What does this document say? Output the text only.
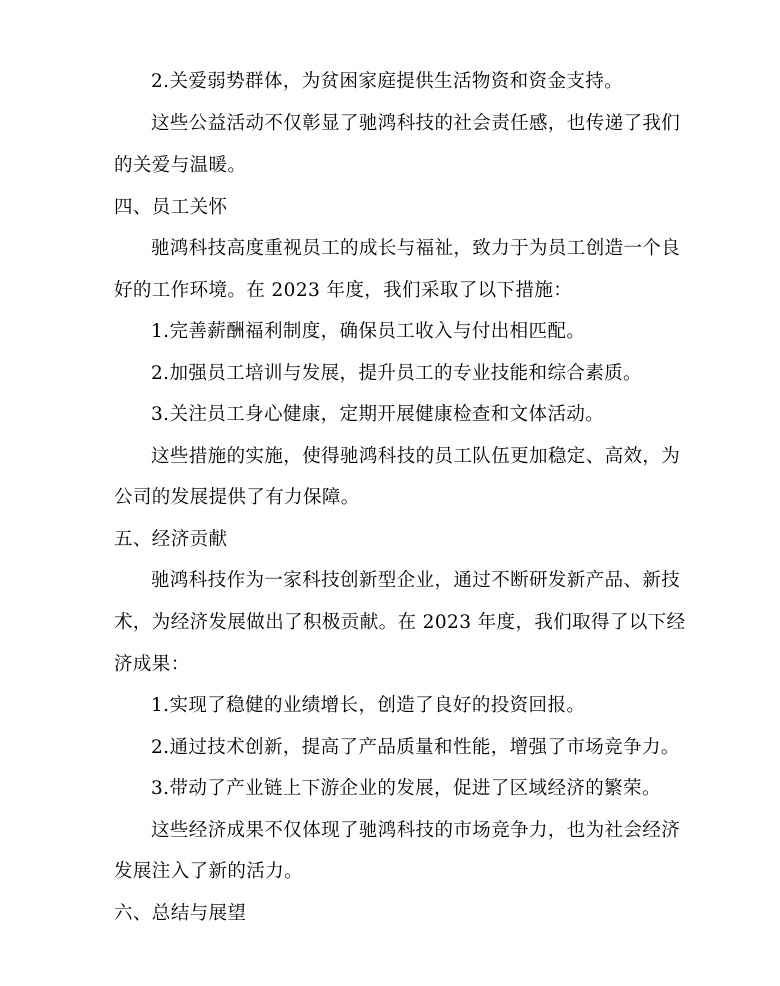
2.关爱弱势群体，为贫困家庭提供生活物资和资金支持。
这些公益活动不仅彰显了驰鸿科技的社会责任感，也传递了我们
的关爱与温暖。
四、员工关怀
驰鸿科技高度重视员工的成长与福祉，致力于为员工创造一个良
好的工作环境。在 2023 年度，我们采取了以下措施：
1.完善薪酬福利制度，确保员工收入与付出相匹配。
2.加强员工培训与发展，提升员工的专业技能和综合素质。
3.关注员工身心健康，定期开展健康检查和文体活动。
这些措施的实施，使得驰鸿科技的员工队伍更加稳定、高效，为
公司的发展提供了有力保障。
五、经济贡献
驰鸿科技作为一家科技创新型企业，通过不断研发新产品、新技
术，为经济发展做出了积极贡献。在 2023 年度，我们取得了以下经
济成果：
1.实现了稳健的业绩增长，创造了良好的投资回报。
2.通过技术创新，提高了产品质量和性能，增强了市场竞争力。
3.带动了产业链上下游企业的发展，促进了区域经济的繁荣。
这些经济成果不仅体现了驰鸿科技的市场竞争力，也为社会经济
发展注入了新的活力。
六、总结与展望
